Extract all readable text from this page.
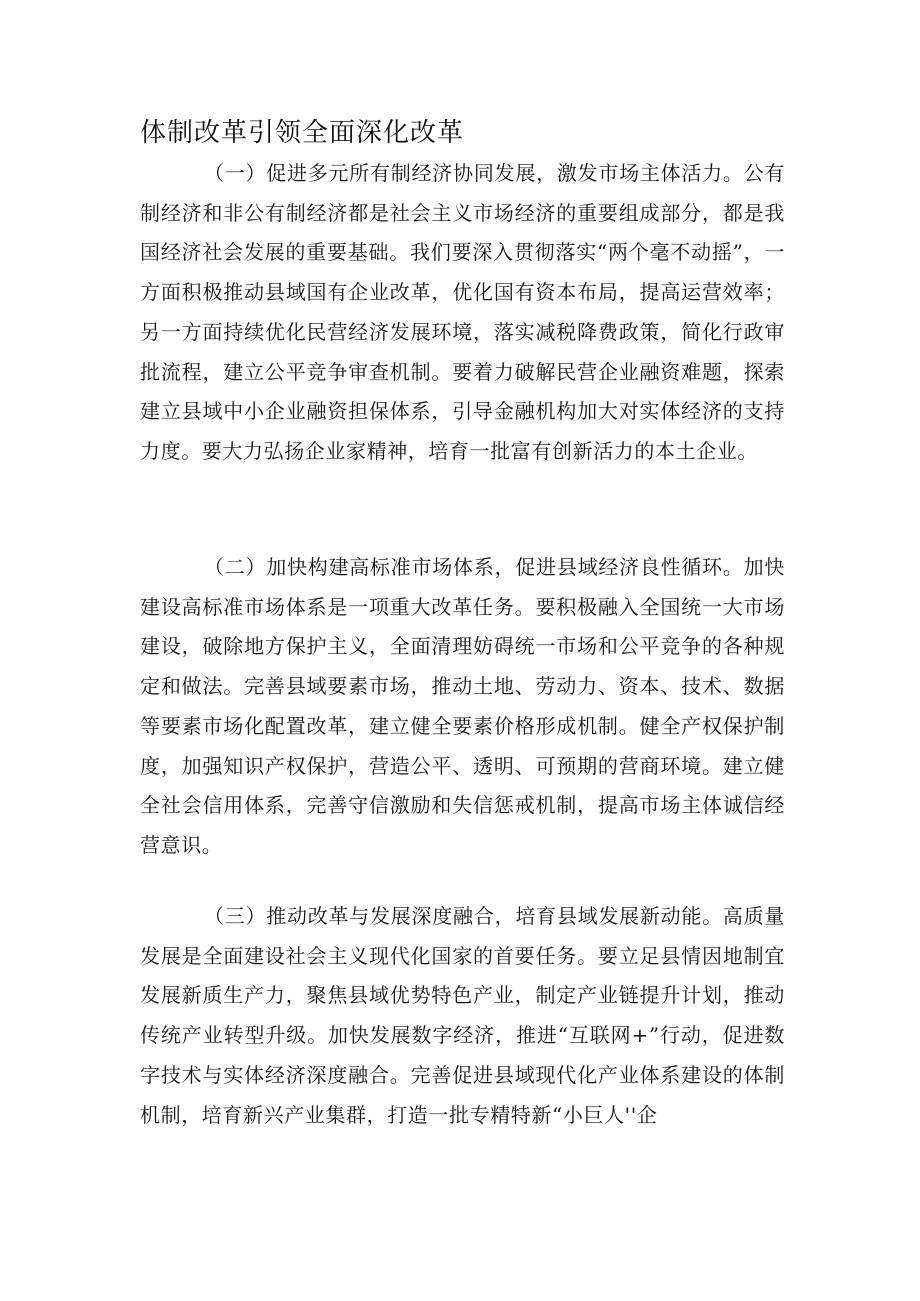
体制改革引领全面深化改革

（一）促进多元所有制经济协同发展，激发市场主体活力。公有制经济和非公有制经济都是社会主义市场经济的重要组成部分，都是我国经济社会发展的重要基础。我们要深入贯彻落实“两个毫不动摇”，一方面积极推动县域国有企业改革，优化国有资本布局，提高运营效率；另一方面持续优化民营经济发展环境，落实减税降费政策，简化行政审批流程，建立公平竞争审查机制。要着力破解民营企业融资难题，探索建立县域中小企业融资担保体系，引导金融机构加大对实体经济的支持力度。要大力弘扬企业家精神，培育一批富有创新活力的本土企业。

（二）加快构建高标准市场体系，促进县域经济良性循环。加快建设高标准市场体系是一项重大改革任务。要积极融入全国统一大市场建设，破除地方保护主义，全面清理妨碍统一市场和公平竞争的各种规定和做法。完善县域要素市场，推动土地、劳动力、资本、技术、数据等要素市场化配置改革，建立健全要素价格形成机制。健全产权保护制度，加强知识产权保护，营造公平、透明、可预期的营商环境。建立健全社会信用体系，完善守信激励和失信惩戒机制，提高市场主体诚信经营意识。

（三）推动改革与发展深度融合，培育县域发展新动能。高质量发展是全面建设社会主义现代化国家的首要任务。要立足县情因地制宜发展新质生产力，聚焦县域优势特色产业，制定产业链提升计划，推动传统产业转型升级。加快发展数字经济，推进“互联网+”行动，促进数字技术与实体经济深度融合。完善促进县域现代化产业体系建设的体制机制，培育新兴产业集群，打造一批专精特新“小巨人''企
